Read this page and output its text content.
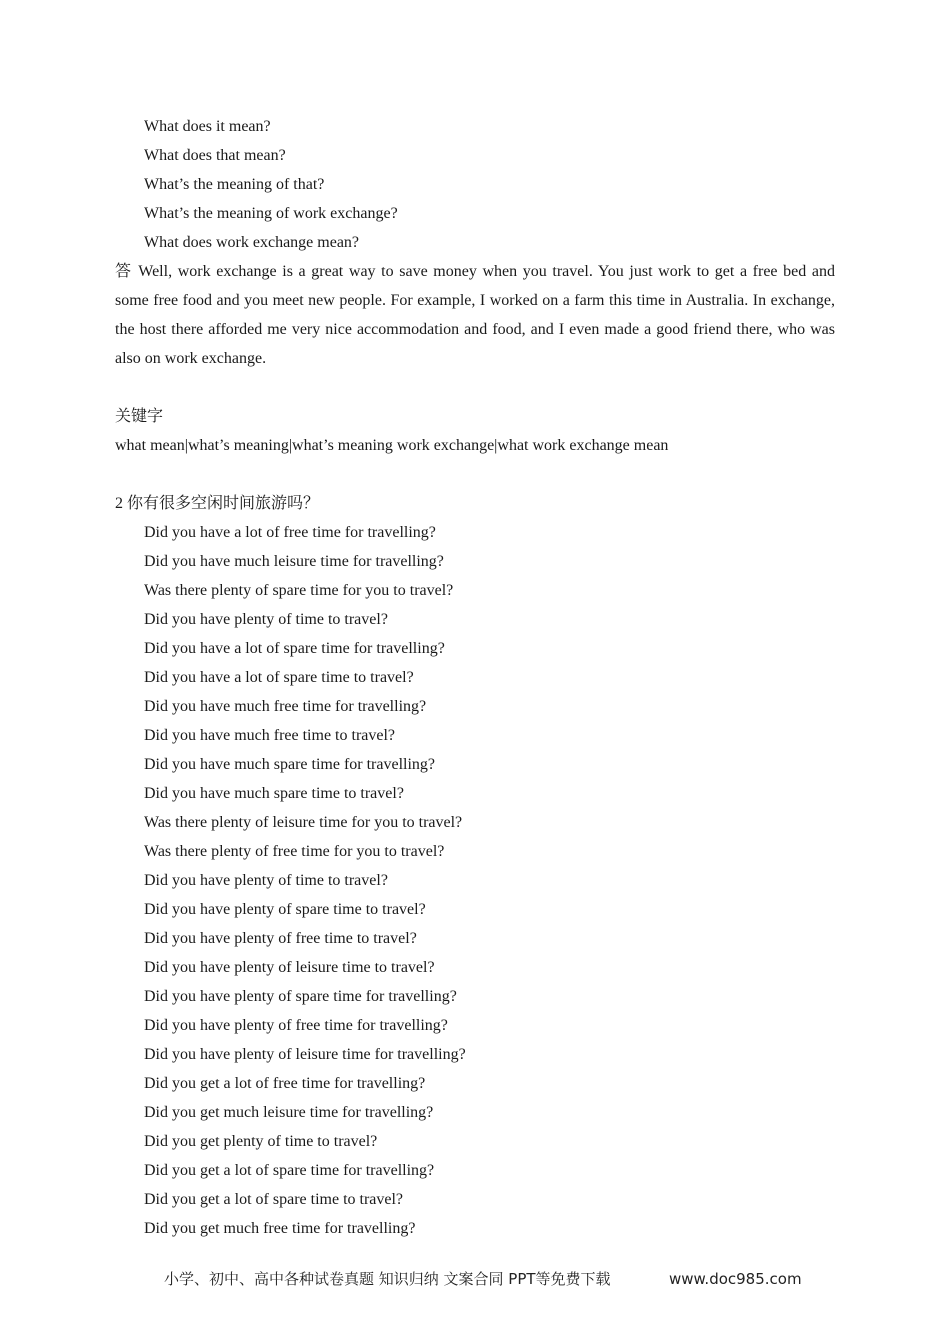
What does it mean?
What does that mean?
What’s the meaning of that?
What’s the meaning of work exchange?
What does work exchange mean?

答 Well, work exchange is a great way to save money when you travel. You just work to get a free bed and some free food and you meet new people. For example, I worked on a farm this time in Australia. In exchange, the host there afforded me very nice accommodation and food, and I even made a good friend there, who was also on work exchange.

关键字
what mean|what’s meaning|what’s meaning work exchange|what work exchange mean
2 你有很多空闲时间旅游吗？
Did you have a lot of free time for travelling?
Did you have much leisure time for travelling?
Was there plenty of spare time for you to travel?
Did you have plenty of time to travel?
Did you have a lot of spare time for travelling?
Did you have a lot of spare time to travel?
Did you have much free time for travelling?
Did you have much free time to travel?
Did you have much spare time for travelling?
Did you have much spare time to travel?
Was there plenty of leisure time for you to travel?
Was there plenty of free time for you to travel?
Did you have plenty of time to travel?
Did you have plenty of spare time to travel?
Did you have plenty of free time to travel?
Did you have plenty of leisure time to travel?
Did you have plenty of spare time for travelling?
Did you have plenty of free time for travelling?
Did you have plenty of leisure time for travelling?
Did you get a lot of free time for travelling?
Did you get much leisure time for travelling?
Did you get plenty of time to travel?
Did you get a lot of spare time for travelling?
Did you get a lot of spare time to travel?
Did you get much free time for travelling?
小学、初中、高中各种试卷真题 知识归纳 文案合同 PPT等免费下载	www.doc985.com
